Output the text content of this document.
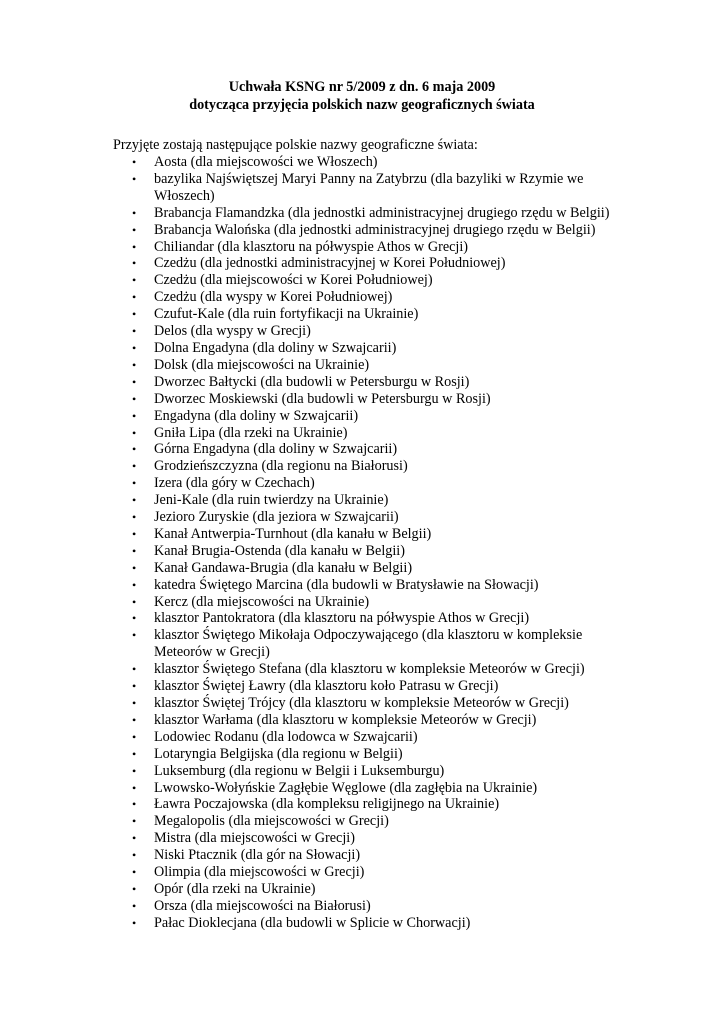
Uchwała KSNG nr 5/2009 z dn. 6 maja 2009

dotycząca przyjęcia polskich nazw geograficznych świata

Przyjęte zostają następujące polskie nazwy geograficzne świata:

• Aosta (dla miejscowości we Włoszech)
• bazylika Najświętszej Maryi Panny na Zatybrzu (dla bazyliki w Rzymie we Włoszech)
• Brabancja Flamandzka (dla jednostki administracyjnej drugiego rzędu w Belgii)
• Brabancja Walońska (dla jednostki administracyjnej drugiego rzędu w Belgii)
• Chiliandar (dla klasztoru na półwyspie Athos w Grecji)
• Czedżu (dla jednostki administracyjnej w Korei Południowej)
• Czedżu (dla miejscowości w Korei Południowej)
• Czedżu (dla wyspy w Korei Południowej)
• Czufut-Kale (dla ruin fortyfikacji na Ukrainie)
• Delos (dla wyspy w Grecji)
• Dolna Engadyna (dla doliny w Szwajcarii)
• Dolsk (dla miejscowości na Ukrainie)
• Dworzec Bałtycki (dla budowli w Petersburgu w Rosji)
• Dworzec Moskiewski (dla budowli w Petersburgu w Rosji)
• Engadyna (dla doliny w Szwajcarii)
• Gniła Lipa (dla rzeki na Ukrainie)
• Górna Engadyna (dla doliny w Szwajcarii)
• Grodzieńszczyzna (dla regionu na Białorusi)
• Izera (dla góry w Czechach)
• Jeni-Kale (dla ruin twierdzy na Ukrainie)
• Jezioro Zuryskie (dla jeziora w Szwajcarii)
• Kanał Antwerpia-Turnhout (dla kanału w Belgii)
• Kanał Brugia-Ostenda (dla kanału w Belgii)
• Kanał Gandawa-Brugia (dla kanału w Belgii)
• katedra Świętego Marcina (dla budowli w Bratysławie na Słowacji)
• Kercz (dla miejscowości na Ukrainie)
• klasztor Pantokratora (dla klasztoru na półwyspie Athos w Grecji)
• klasztor Świętego Mikołaja Odpoczywającego (dla klasztoru w kompleksie Meteorów w Grecji)
• klasztor Świętego Stefana (dla klasztoru w kompleksie Meteorów w Grecji)
• klasztor Świętej Ławry (dla klasztoru koło Patrasu w Grecji)
• klasztor Świętej Trójcy (dla klasztoru w kompleksie Meteorów w Grecji)
• klasztor Warłama (dla klasztoru w kompleksie Meteorów w Grecji)
• Lodowiec Rodanu (dla lodowca w Szwajcarii)
• Lotaryngia Belgijska (dla regionu w Belgii)
• Luksemburg (dla regionu w Belgii i Luksemburgu)
• Lwowsko-Wołyńskie Zagłębie Węglowe (dla zagłębia na Ukrainie)
• Ławra Poczajowska (dla kompleksu religijnego na Ukrainie)
• Megalopolis (dla miejscowości w Grecji)
• Mistra (dla miejscowości w Grecji)
• Niski Ptacznik (dla gór na Słowacji)
• Olimpia (dla miejscowości w Grecji)
• Opór (dla rzeki na Ukrainie)
• Orsza (dla miejscowości na Białorusi)
• Pałac Dioklecjana (dla budowli w Splicie w Chorwacji)
